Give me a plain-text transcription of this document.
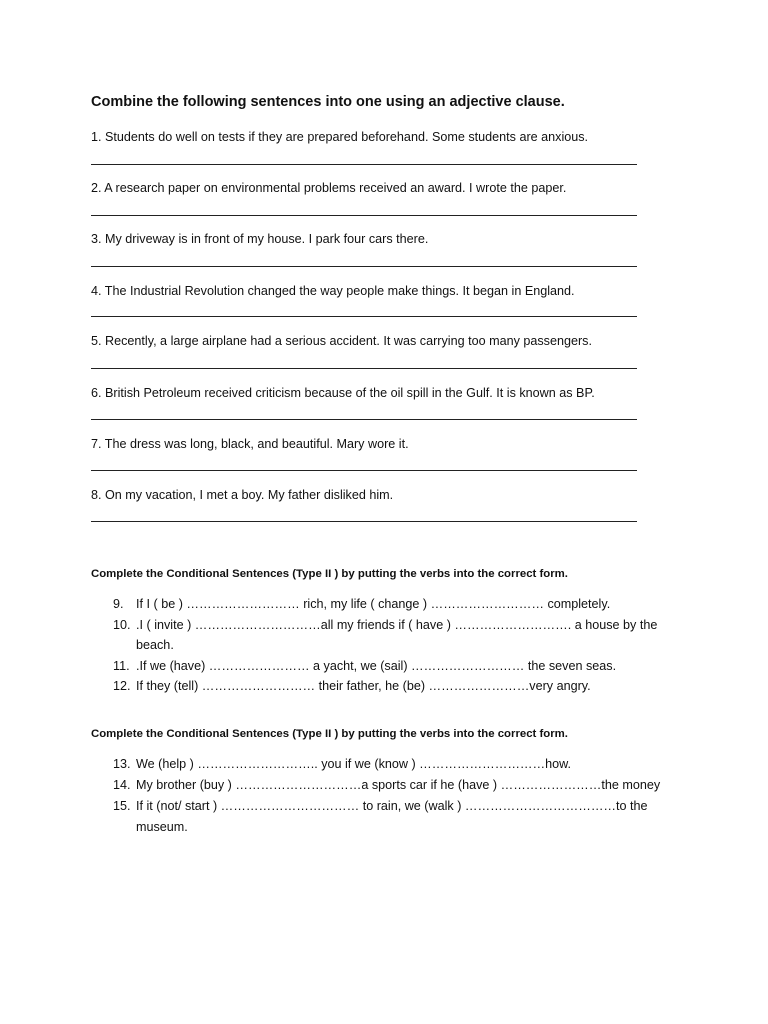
Combine the following sentences into one using an adjective clause.
1. Students do well on tests if they are prepared beforehand. Some students are anxious.
2. A research paper on environmental problems received an award. I wrote the paper.
3. My driveway is in front of my house. I park four cars there.
4. The Industrial Revolution changed the way people make things. It began in England.
5. Recently, a large airplane had a serious accident. It was carrying too many passengers.
6. British Petroleum received criticism because of the oil spill in the Gulf. It is known as BP.
7. The dress was long, black, and beautiful. Mary wore it.
8. On my vacation, I met a boy. My father disliked him.
Complete the Conditional Sentences (Type II ) by putting the verbs into the correct form.
9. If I ( be ) ……………………… rich, my life ( change ) ……………………… completely.
10. .I ( invite ) …………………………all my friends if ( have ) ………………………. a house by the
beach.
11. .If we (have) …………………… a yacht, we (sail) ……………………… the seven seas.
12. If they (tell) ……………………… their father, he (be) ……………………very angry.
Complete the Conditional Sentences (Type II ) by putting the verbs into the correct form.
13. We (help ) ……………………….. you if we (know ) …………………………how.
14. My brother (buy ) …………………………a sports car if he (have ) ……………………the money
15. If it (not/ start ) …………………………… to rain, we (walk ) ………………………………to the
museum.
